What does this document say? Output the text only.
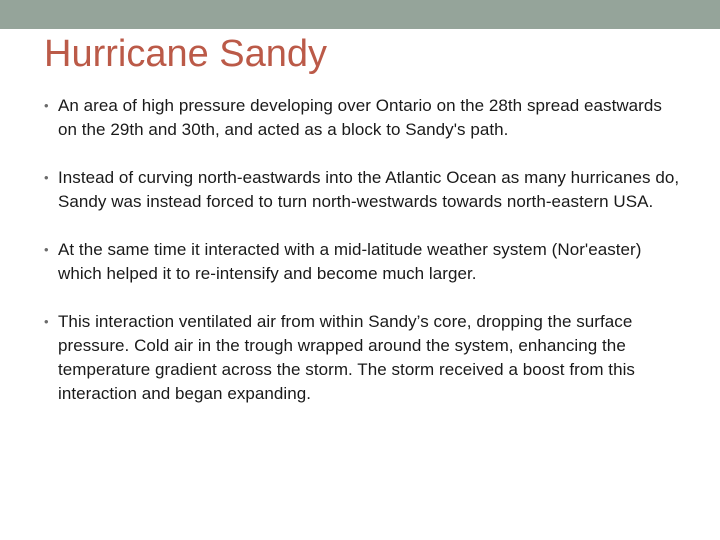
Hurricane Sandy
• An area of high pressure developing over Ontario on the 28th spread eastwards on the 29th and 30th, and acted as a block to Sandy's path.
• Instead of curving north-eastwards into the Atlantic Ocean as many hurricanes do, Sandy was instead forced to turn north-westwards towards north-eastern USA.
• At the same time it interacted with a mid-latitude weather system (Nor'easter) which helped it to re-intensify and become much larger.
• This interaction ventilated air from within Sandy’s core, dropping the surface pressure. Cold air in the trough wrapped around the system, enhancing the temperature gradient across the storm. The storm received a boost from this interaction and began expanding.
